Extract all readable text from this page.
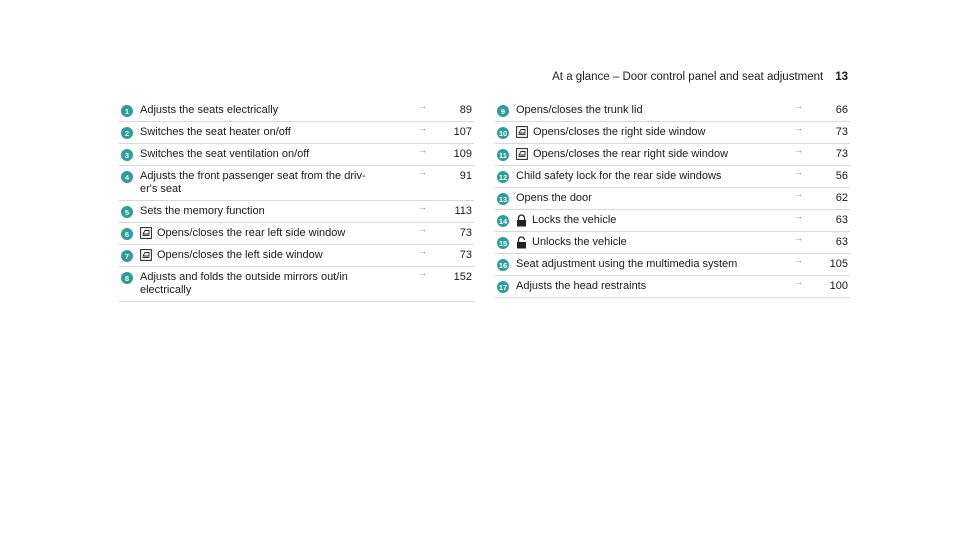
At a glance – Door control panel and seat adjustment 13
1 Adjusts the seats electrically	→	89
2 Switches the seat heater on/off	→	107
3 Switches the seat ventilation on/off	→	109
4 Adjusts the front passenger seat from the driv-
er's seat
→	91
5 Sets the memory function	→	113
6	Opens/closes the rear left side window	→	73
7	Opens/closes the left side window	→	73
8 Adjusts and folds the outside mirrors out/in
electrically
→	152
9 Opens/closes the trunk lid	→	66
10 Opens/closes the right side window	→	73
11 Opens/closes the rear right side window	→	73
12 Child safety lock for the rear side windows	→	56
13 Opens the door	→	62
14 Locks the vehicle	→	63
15 Unlocks the vehicle	→	63
16 Seat adjustment using the multimedia system	→	105
17 Adjusts the head restraints	→	100
